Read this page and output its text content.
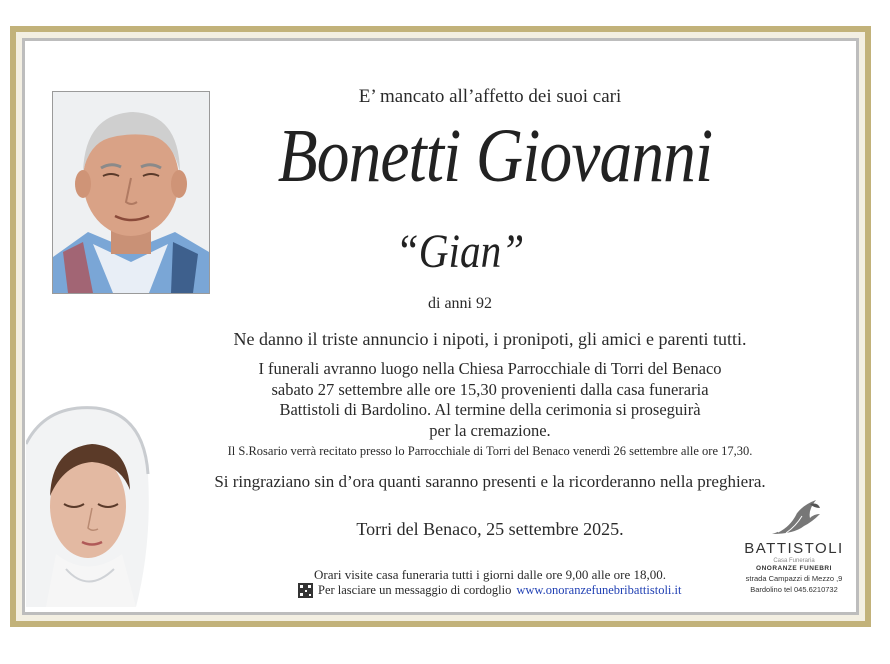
E’ mancato all’affetto dei suoi cari
Bonetti Giovanni
“Gian”
di anni 92
Ne danno il triste annuncio i nipoti, i pronipoti, gli amici e parenti tutti.
I funerali avranno luogo nella Chiesa Parrocchiale di Torri del Benaco
sabato 27 settembre alle ore 15,30 provenienti dalla casa funeraria
Battistoli di Bardolino. Al termine della cerimonia si proseguirà
per la cremazione.
Il S.Rosario verrà recitato presso lo Parrocchiale di Torri del Benaco venerdì 26 settembre alle ore 17,30.
Si ringraziano sin d’ora quanti saranno presenti e la ricorderanno nella preghiera.
Torri del Benaco, 25 settembre 2025.
Orari visite casa funeraria tutti i giorni dalle ore 9,00 alle ore 18,00.
Per lasciare un messaggio di cordoglio www.onoranzefunebribattistoli.it
BATTISTOLI
Casa Funeraria
ONORANZE FUNEBRI
strada Campazzi di Mezzo ,9
Bardolino tel 045.6210732
